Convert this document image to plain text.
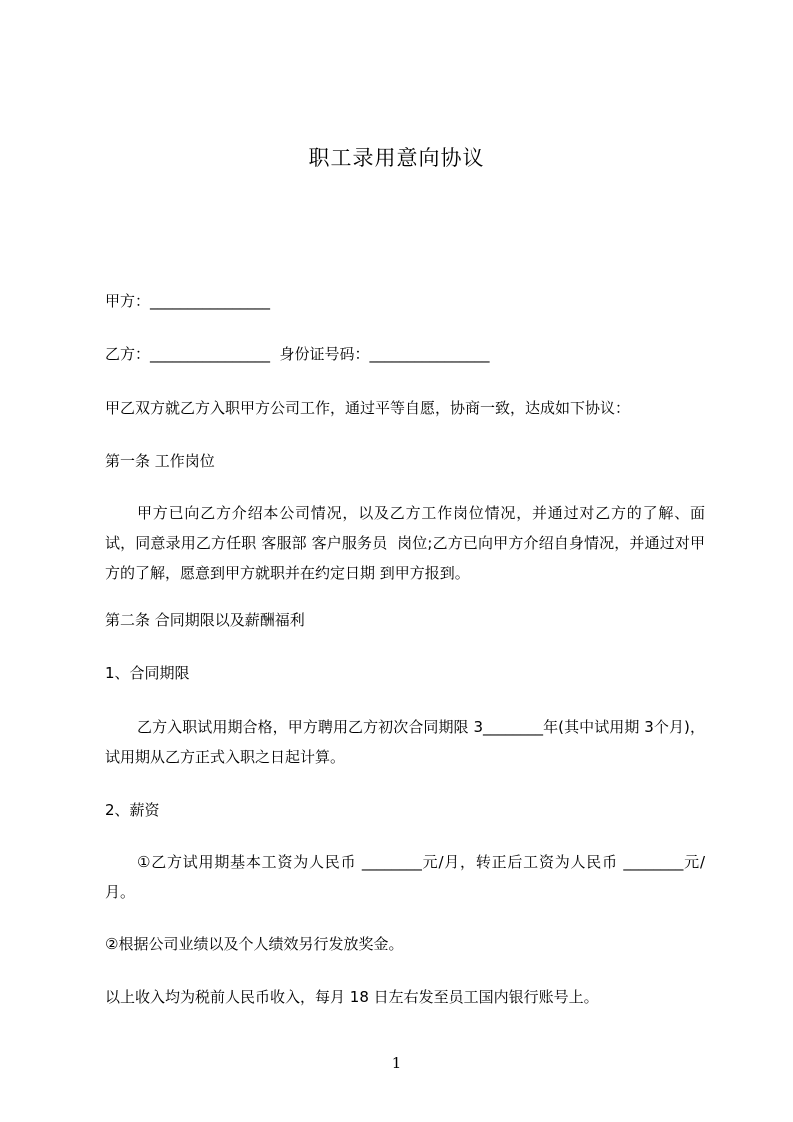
职工录用意向协议

甲方：________________

乙方：________________  身份证号码：________________

甲乙双方就乙方入职甲方公司工作，通过平等自愿，协商一致，达成如下协议：

第一条 工作岗位

甲方已向乙方介绍本公司情况，以及乙方工作岗位情况，并通过对乙方的了解、面试，同意录用乙方任职 客服部 客户服务员  岗位;乙方已向甲方介绍自身情况，并通过对甲方的了解，愿意到甲方就职并在约定日期 到甲方报到。

第二条 合同期限以及薪酬福利

1、合同期限

乙方入职试用期合格，甲方聘用乙方初次合同期限 3________年(其中试用期 3个月)，试用期从乙方正式入职之日起计算。

2、薪资

①乙方试用期基本工资为人民币 ________元/月，转正后工资为人民币 ________元/月。

②根据公司业绩以及个人绩效另行发放奖金。

以上收入均为税前人民币收入，每月 18 日左右发至员工国内银行账号上。

1
